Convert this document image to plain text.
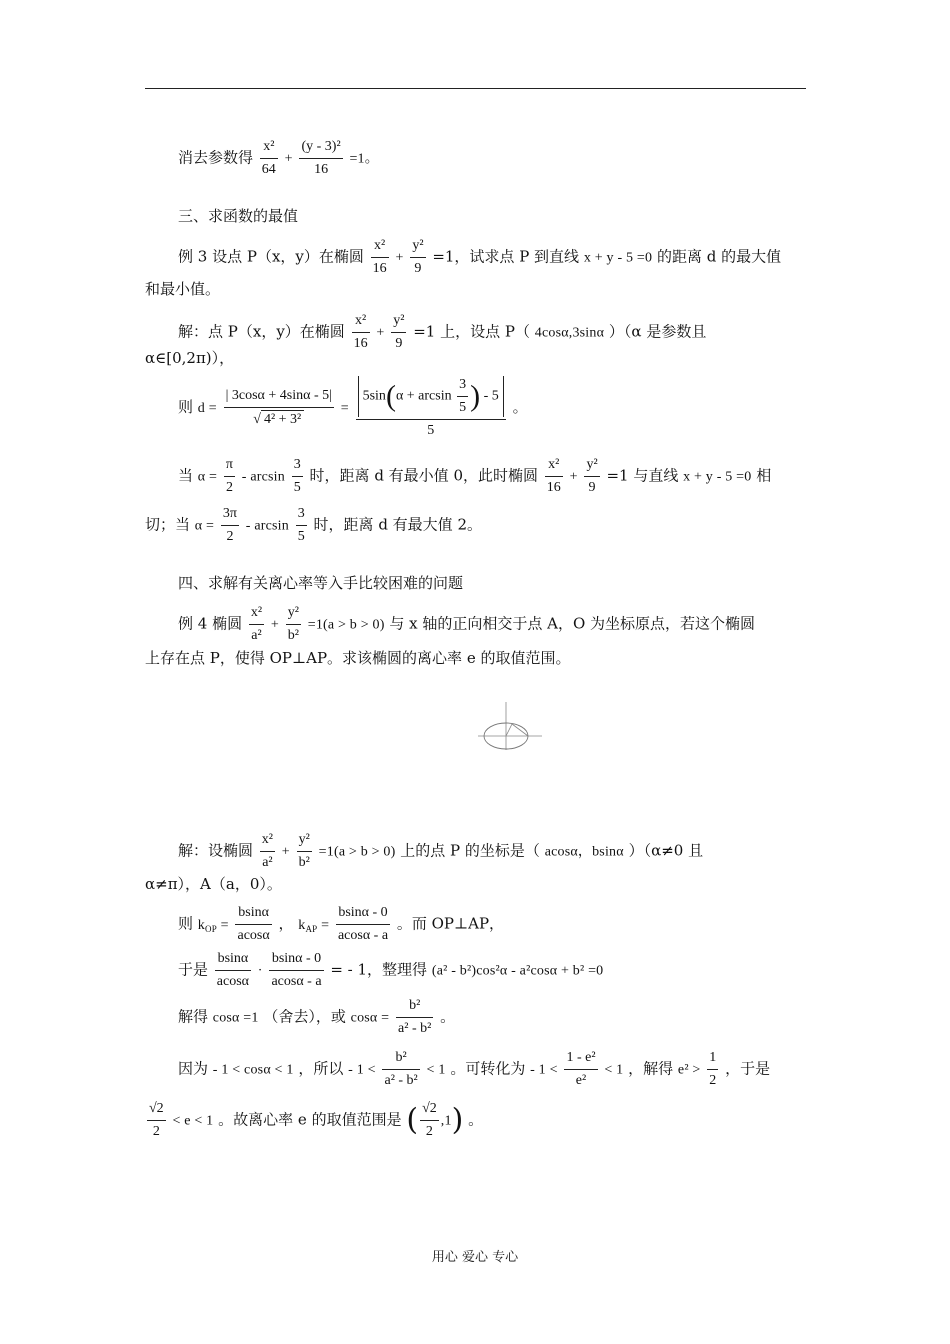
消去参数得 $\frac{\text{x²}}{64} + \frac{\text{(y - 3)²}}{16} =1$。
三、求函数的最值
例 3 设点 P（x，y）在椭圆 $\frac{\text{x²}}{16} + \frac{\text{y²}}{9} =1$，试求点 P 到直线 x + y - 5 =0 的距离 d 的最大值
和最小值。
解：点 P（x，y）在椭圆 $\frac{\text{x²}}{16} + \frac{\text{y²}}{9} =1$ 上，设点 P（ 4cosα,3sinα ）（α 是参数且
α∈[0,2π)），
则 $d = \frac{| 3\cos\alpha + 4\sin\alpha - 5|}{\text{√ 4² + 3²}} = \frac{5\sin(\alpha + \arcsin \frac{3}{5} ) - 5}{5}$ 。
当 $\alpha = \frac{\pi}{2} - \arcsin \frac{3}{5}$ 时，距离 d 有最小值 0，此时椭圆 $\frac{\text{x²}}{16} + \frac{\text{y²}}{9} =1$ 与直线 x + y - 5 =0 相
切；当 $\alpha = \frac{3\pi}{2} - \arcsin \frac{3}{5}$ 时，距离 d 有最大值 2。
四、求解有关离心率等入手比较困难的问题
例 4 椭圆 $\frac{\text{x²}}{\text{a²}} + \frac{\text{y²}}{\text{b²}} =1(a > b > 0)$ 与 x 轴的正向相交于点 A，O 为坐标原点，若这个椭圆
上存在点 P，使得 OP⊥AP。求该椭圆的离心率 e 的取值范围。
解：设椭圆 $\frac{\text{x²}}{\text{a²}} + \frac{\text{y²}}{\text{b²}} =1(a > b > 0)$ 上的点 P 的坐标是（ acosα，bsinα ）（α≠0 且
α≠π），A（a，0）。
则 $k_{OP} = \frac{bsin\alpha}{acos\alpha}$ ， $k_{AP} = \frac{bsin\alpha - 0}{acos\alpha - a}$ 。而 OP⊥AP，
于是 $\frac{bsin\alpha}{acos\alpha} \cdot \frac{bsin\alpha - 0}{acos\alpha - a}$ = - 1，整理得 (a² - b²)cos²α - a²cosα + b² =0
解得 cosα =1 （舍去），或 $\cos\alpha = \frac{\text{b²}}{\text{a² - b²}}$ 。
因为 - 1 < cosα < 1 ，所以 - $1 < \frac{\text{b²}}{\text{a² - b²}} < 1$ 。可转化为 - $1 < \frac{\text{1 - e²}}{\text{e²}} < 1$ ，解得 $e^2 > \frac{1}{2}$ ，于是
$\frac{√2}{2} < e < 1$ 。故离心率 e 的取值范围是 ( $\frac{√2}{2} ,1$) 。
用心 爱心 专心
